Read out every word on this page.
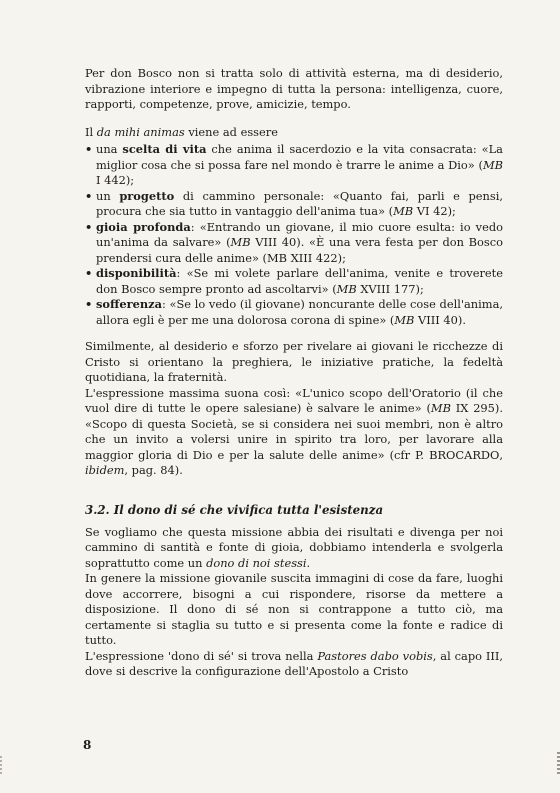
Per don Bosco non si tratta solo di attività esterna, ma di desiderio, vibrazione interiore e impegno di tutta la persona: intelligenza, cuore, rapporti, competenze, prove, amicizie, tempo.

Il da mihi animas viene ad essere

• una scelta di vita che anima il sacerdozio e la vita consacrata: «La miglior cosa che si possa fare nel mondo è trarre le anime a Dio» (MB I 442);
• un progetto di cammino personale: «Quanto fai, parli e pensi, procura che sia tutto in vantaggio dell'anima tua» (MB VI 42);
• gioia profonda: «Entrando un giovane, il mio cuore esulta: io vedo un'anima da salvare» (MB VIII 40). «È una vera festa per don Bosco prendersi cura delle anime» (MB XIII 422);
• disponibilità: «Se mi volete parlare dell'anima, venite e troverete don Bosco sempre pronto ad ascoltarvi» (MB XVIII 177);
• sofferenza: «Se lo vedo (il giovane) noncurante delle cose dell'anima, allora egli è per me una dolorosa corona di spine» (MB VIII 40).

Similmente, al desiderio e sforzo per rivelare ai giovani le ricchezze di Cristo si orientano la preghiera, le iniziative pratiche, la fedeltà quotidiana, la fraternità.

L'espressione massima suona così: «L'unico scopo dell'Oratorio (il che vuol dire di tutte le opere salesiane) è salvare le anime» (MB IX 295). «Scopo di questa Società, se si considera nei suoi membri, non è altro che un invito a volersi unire in spirito tra loro, per lavorare alla maggior gloria di Dio e per la salute delle anime» (cfr P. BROCARDO, ibidem, pag. 84).

3.2. Il dono di sé che vivifica tutta l'esistenza

Se vogliamo che questa missione abbia dei risultati e divenga per noi cammino di santità e fonte di gioia, dobbiamo intenderla e svolgerla soprattutto come un dono di noi stessi.

In genere la missione giovanile suscita immagini di cose da fare, luoghi dove accorrere, bisogni a cui rispondere, risorse da mettere a disposizione. Il dono di sé non si contrappone a tutto ciò, ma certamente si staglia su tutto e si presenta come la fonte e radice di tutto.

L'espressione 'dono di sé' si trova nella Pastores dabo vobis, al capo III, dove si descrive la configurazione dell'Apostolo a Cristo

8
